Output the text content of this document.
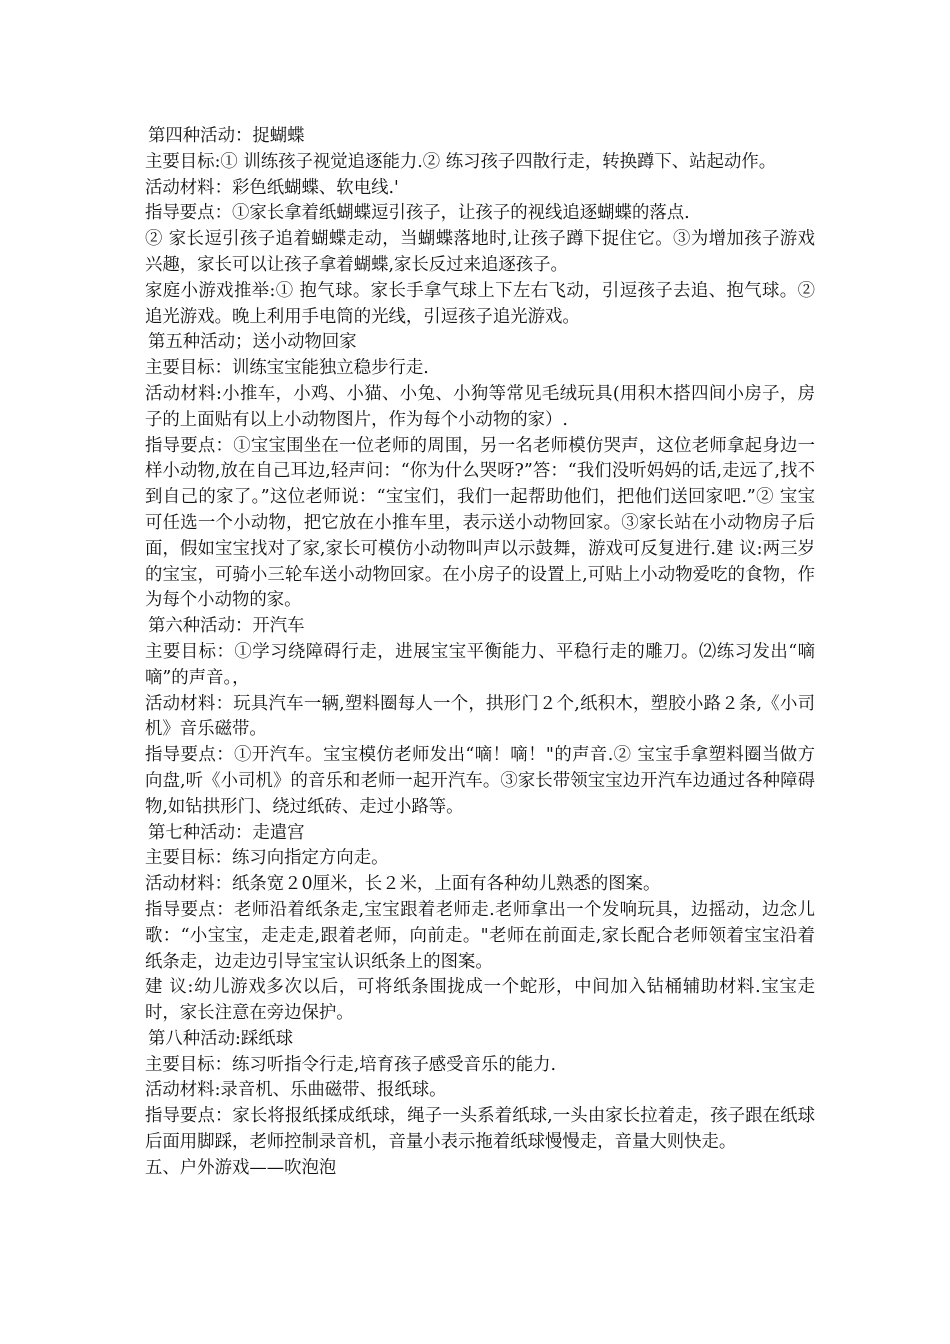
第四种活动：捉蝴蝶

主要目标:① 训练孩子视觉追逐能力.② 练习孩子四散行走，转换蹲下、站起动作。

活动材料：彩色纸蝴蝶、软电线.'

指导要点：①家长拿着纸蝴蝶逗引孩子，让孩子的视线追逐蝴蝶的落点.

② 家长逗引孩子追着蝴蝶走动，当蝴蝶落地时,让孩子蹲下捉住它。③为增加孩子游戏兴趣，家长可以让孩子拿着蝴蝶,家长反过来追逐孩子。

家庭小游戏推举:① 抱气球。家长手拿气球上下左右飞动，引逗孩子去追、抱气球。②追光游戏。晚上利用手电筒的光线，引逗孩子追光游戏。

第五种活动；送小动物回家

主要目标：训练宝宝能独立稳步行走.

活动材料:小推车，小鸡、小猫、小兔、小狗等常见毛绒玩具(用积木搭四间小房子，房子的上面贴有以上小动物图片，作为每个小动物的家）.

指导要点：①宝宝围坐在一位老师的周围，另一名老师模仿哭声，这位老师拿起身边一样小动物,放在自己耳边,轻声问：“你为什么哭呀?”答：“我们没听妈妈的话,走远了,找不到自己的家了。”这位老师说：“宝宝们，我们一起帮助他们，把他们送回家吧.”② 宝宝可任选一个小动物，把它放在小推车里，表示送小动物回家。③家长站在小动物房子后面，假如宝宝找对了家,家长可模仿小动物叫声以示鼓舞，游戏可反复进行.建 议:两三岁的宝宝，可骑小三轮车送小动物回家。在小房子的设置上,可贴上小动物爱吃的食物，作为每个小动物的家。

第六种活动：开汽车

主要目标：①学习绕障碍行走，进展宝宝平衡能力、平稳行走的雕刀。⑵练习发出“嘀嘀”的声音。，

活动材料：玩具汽车一辆,塑料圈每人一个，拱形门２个,纸积木，塑胶小路２条,《小司机》音乐磁带。

指导要点：①开汽车。宝宝模仿老师发出“嘀！嘀！"的声音.② 宝宝手拿塑料圈当做方向盘,听《小司机》的音乐和老师一起开汽车。③家长带领宝宝边开汽车边通过各种障碍物,如钻拱形门、绕过纸砖、走过小路等。

第七种活动：走遣宫

主要目标：练习向指定方向走。

活动材料：纸条宽２0厘米，长２米，上面有各种幼儿熟悉的图案。

指导要点：老师沿着纸条走,宝宝跟着老师走.老师拿出一个发响玩具，边摇动，边念儿歌：“小宝宝，走走走,跟着老师，向前走。"老师在前面走,家长配合老师领着宝宝沿着纸条走，边走边引导宝宝认识纸条上的图案。

建 议:幼儿游戏多次以后，可将纸条围拢成一个蛇形，中间加入钻桶辅助材料.宝宝走时，家长注意在旁边保护。

第八种活动:踩纸球

主要目标：练习听指令行走,培育孩子感受音乐的能力.

活动材料:录音机、乐曲磁带、报纸球。

指导要点：家长将报纸揉成纸球，绳子一头系着纸球,一头由家长拉着走，孩子跟在纸球后面用脚踩，老师控制录音机，音量小表示拖着纸球慢慢走，音量大则快走。

五、户外游戏——吹泡泡
